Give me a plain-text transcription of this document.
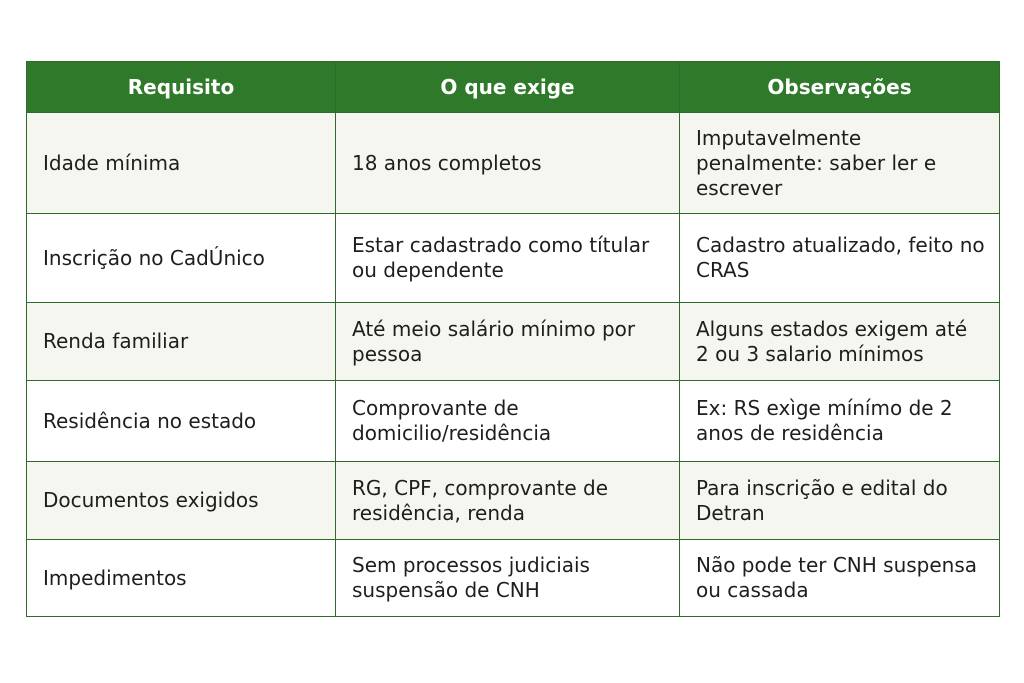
Requisito	O que exige	Observações
Idade mínima	18 anos completos	Imputavelmente penalmente: saber ler e escrever
Inscrição no CadÚnico	Estar cadastrado como títular ou dependente	Cadastro atualizado, feito no CRAS
Renda familiar	Até meio salário mínimo por pessoa	Alguns estados exigem até 2 ou 3 salario mínimos
Residência no estado	Comprovante de domicilio/residência	Ex: RS exìge mínímo de 2 anos de residência
Documentos exigidos	RG, CPF, comprovante de residência, renda	Para inscrição e edital do Detran
Impedimentos	Sem processos judiciais suspensão de CNH	Não pode ter CNH suspensa ou cassada
